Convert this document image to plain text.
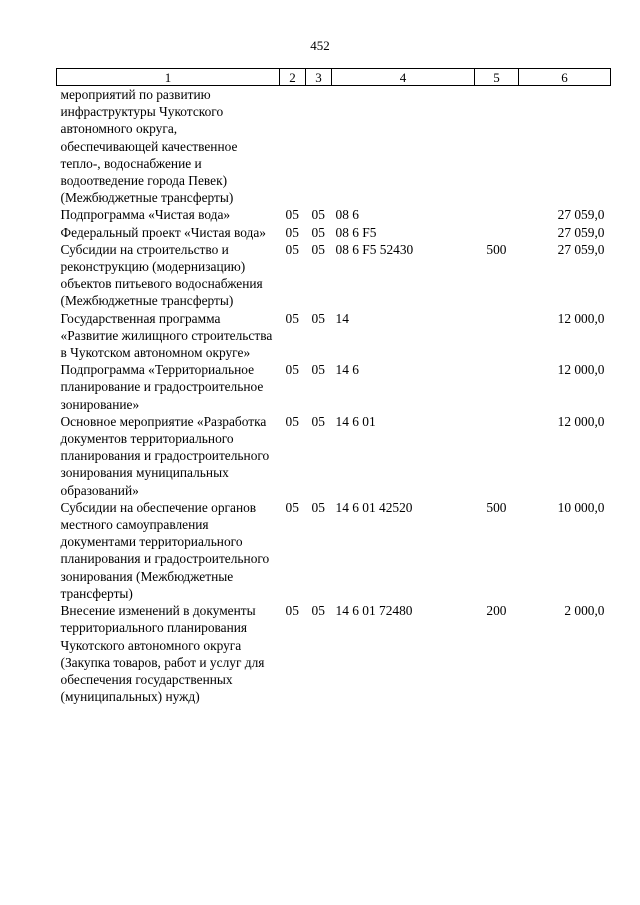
452
1	2	3	4	5	6
мероприятий по развитию инфраструктуры Чукотского автономного округа, обеспечивающей качественное тепло-, водоснабжение и водоотведение города Певек) (Межбюджетные трансферты)					
Подпрограмма «Чистая вода»	05	05	08 6		27 059,0
Федеральный проект «Чистая вода»	05	05	08 6 F5		27 059,0
Субсидии на строительство и реконструкцию (модернизацию) объектов питьевого водоснабжения (Межбюджетные трансферты)	05	05	08 6 F5 52430	500	27 059,0
Государственная программа «Развитие жилищного строительства в Чукотском автономном округе»	05	05	14		12 000,0
Подпрограмма «Территориальное планирование и градостроительное зонирование»	05	05	14 6		12 000,0
Основное мероприятие «Разработка документов территориального планирования и градостроительного зонирования муниципальных образований»	05	05	14 6 01		12 000,0
Субсидии на обеспечение органов местного самоуправления документами территориального планирования и градостроительного зонирования (Межбюджетные трансферты)	05	05	14 6 01 42520	500	10 000,0
Внесение изменений в документы территориального планирования Чукотского автономного округа (Закупка товаров, работ и услуг для обеспечения государственных (муниципальных) нужд)	05	05	14 6 01 72480	200	2 000,0
